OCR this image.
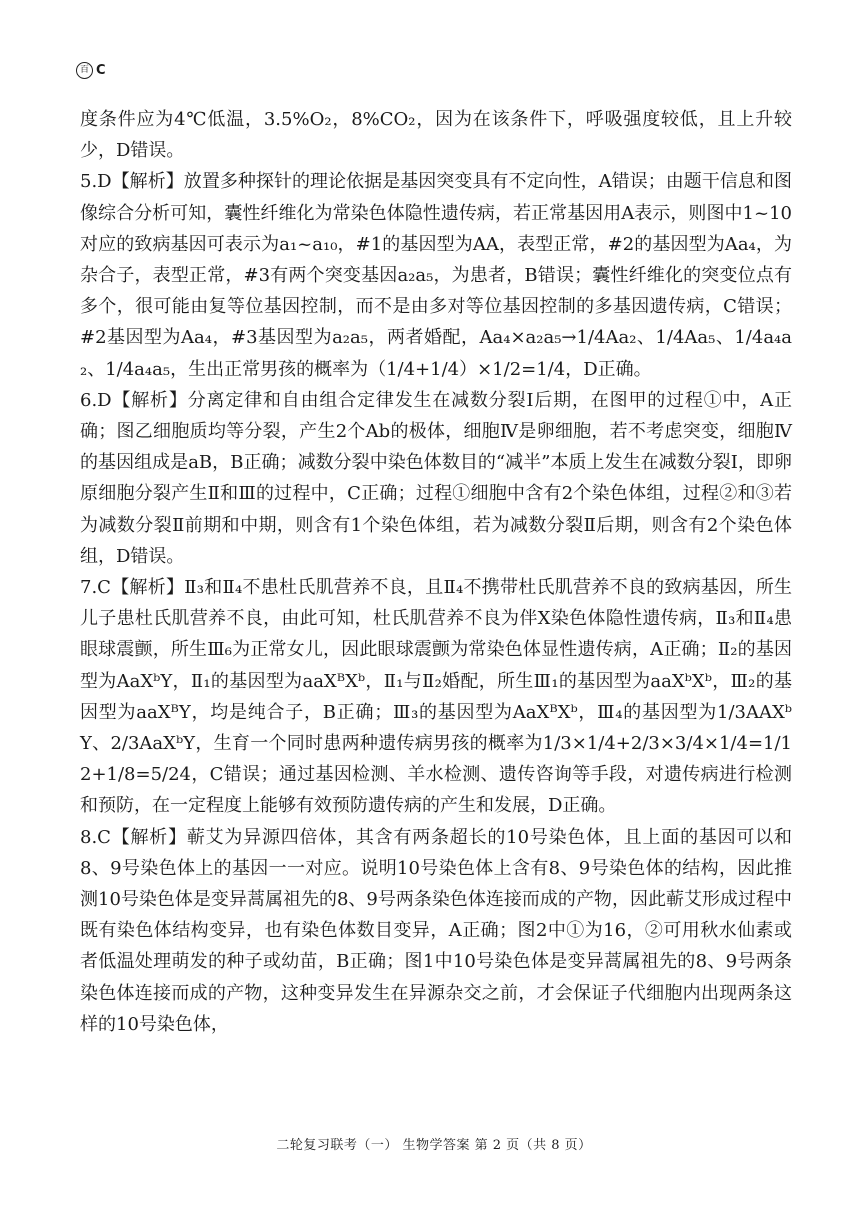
百 C

度条件应为4℃低温，3.5%O₂，8%CO₂，因为在该条件下，呼吸强度较低，且上升较少，D错误。

5.D【解析】放置多种探针的理论依据是基因突变具有不定向性，A错误；由题干信息和图像综合分析可知，囊性纤维化为常染色体隐性遗传病，若正常基因用A表示，则图中1~10对应的致病基因可表示为a₁~a₁₀，#1的基因型为AA，表型正常，#2的基因型为Aa₄，为杂合子，表型正常，#3有两个突变基因a₂a₅，为患者，B错误；囊性纤维化的突变位点有多个，很可能由复等位基因控制，而不是由多对等位基因控制的多基因遗传病，C错误；#2基因型为Aa₄，#3基因型为a₂a₅，两者婚配，Aa₄×a₂a₅→1/4Aa₂、1/4Aa₅、1/4a₄a₂、1/4a₄a₅，生出正常男孩的概率为（1/4+1/4）×1/2=1/4，D正确。

6.D【解析】分离定律和自由组合定律发生在减数分裂Ⅰ后期，在图甲的过程①中，A正确；图乙细胞质均等分裂，产生2个Ab的极体，细胞Ⅳ是卵细胞，若不考虑突变，细胞Ⅳ的基因组成是aB，B正确；减数分裂中染色体数目的“减半”本质上发生在减数分裂Ⅰ，即卵原细胞分裂产生Ⅱ和Ⅲ的过程中，C正确；过程①细胞中含有2个染色体组，过程②和③若为减数分裂Ⅱ前期和中期，则含有1个染色体组，若为减数分裂Ⅱ后期，则含有2个染色体组，D错误。

7.C【解析】Ⅱ₃和Ⅱ₄不患杜氏肌营养不良，且Ⅱ₄不携带杜氏肌营养不良的致病基因，所生儿子患杜氏肌营养不良，由此可知，杜氏肌营养不良为伴X染色体隐性遗传病，Ⅱ₃和Ⅱ₄患眼球震颤，所生Ⅲ₆为正常女儿，因此眼球震颤为常染色体显性遗传病，A正确；Ⅱ₂的基因型为AaXᵇY，Ⅱ₁的基因型为aaXᴮXᵇ，Ⅱ₁与Ⅱ₂婚配，所生Ⅲ₁的基因型为aaXᵇXᵇ，Ⅲ₂的基因型为aaXᴮY，均是纯合子，B正确；Ⅲ₃的基因型为AaXᴮXᵇ，Ⅲ₄的基因型为1/3AAXᵇY、2/3AaXᵇY，生育一个同时患两种遗传病男孩的概率为1/3×1/4+2/3×3/4×1/4=1/12+1/8=5/24，C错误；通过基因检测、羊水检测、遗传咨询等手段，对遗传病进行检测和预防，在一定程度上能够有效预防遗传病的产生和发展，D正确。

8.C【解析】蕲艾为异源四倍体，其含有两条超长的10号染色体，且上面的基因可以和8、9号染色体上的基因一一对应。说明10号染色体上含有8、9号染色体的结构，因此推测10号染色体是变异蒿属祖先的8、9号两条染色体连接而成的产物，因此蕲艾形成过程中既有染色体结构变异，也有染色体数目变异，A正确；图2中①为16，②可用秋水仙素或者低温处理萌发的种子或幼苗，B正确；图1中10号染色体是变异蒿属祖先的8、9号两条染色体连接而成的产物，这种变异发生在异源杂交之前，才会保证子代细胞内出现两条这样的10号染色体，

二轮复习联考（一） 生物学答案 第 2 页（共 8 页）
